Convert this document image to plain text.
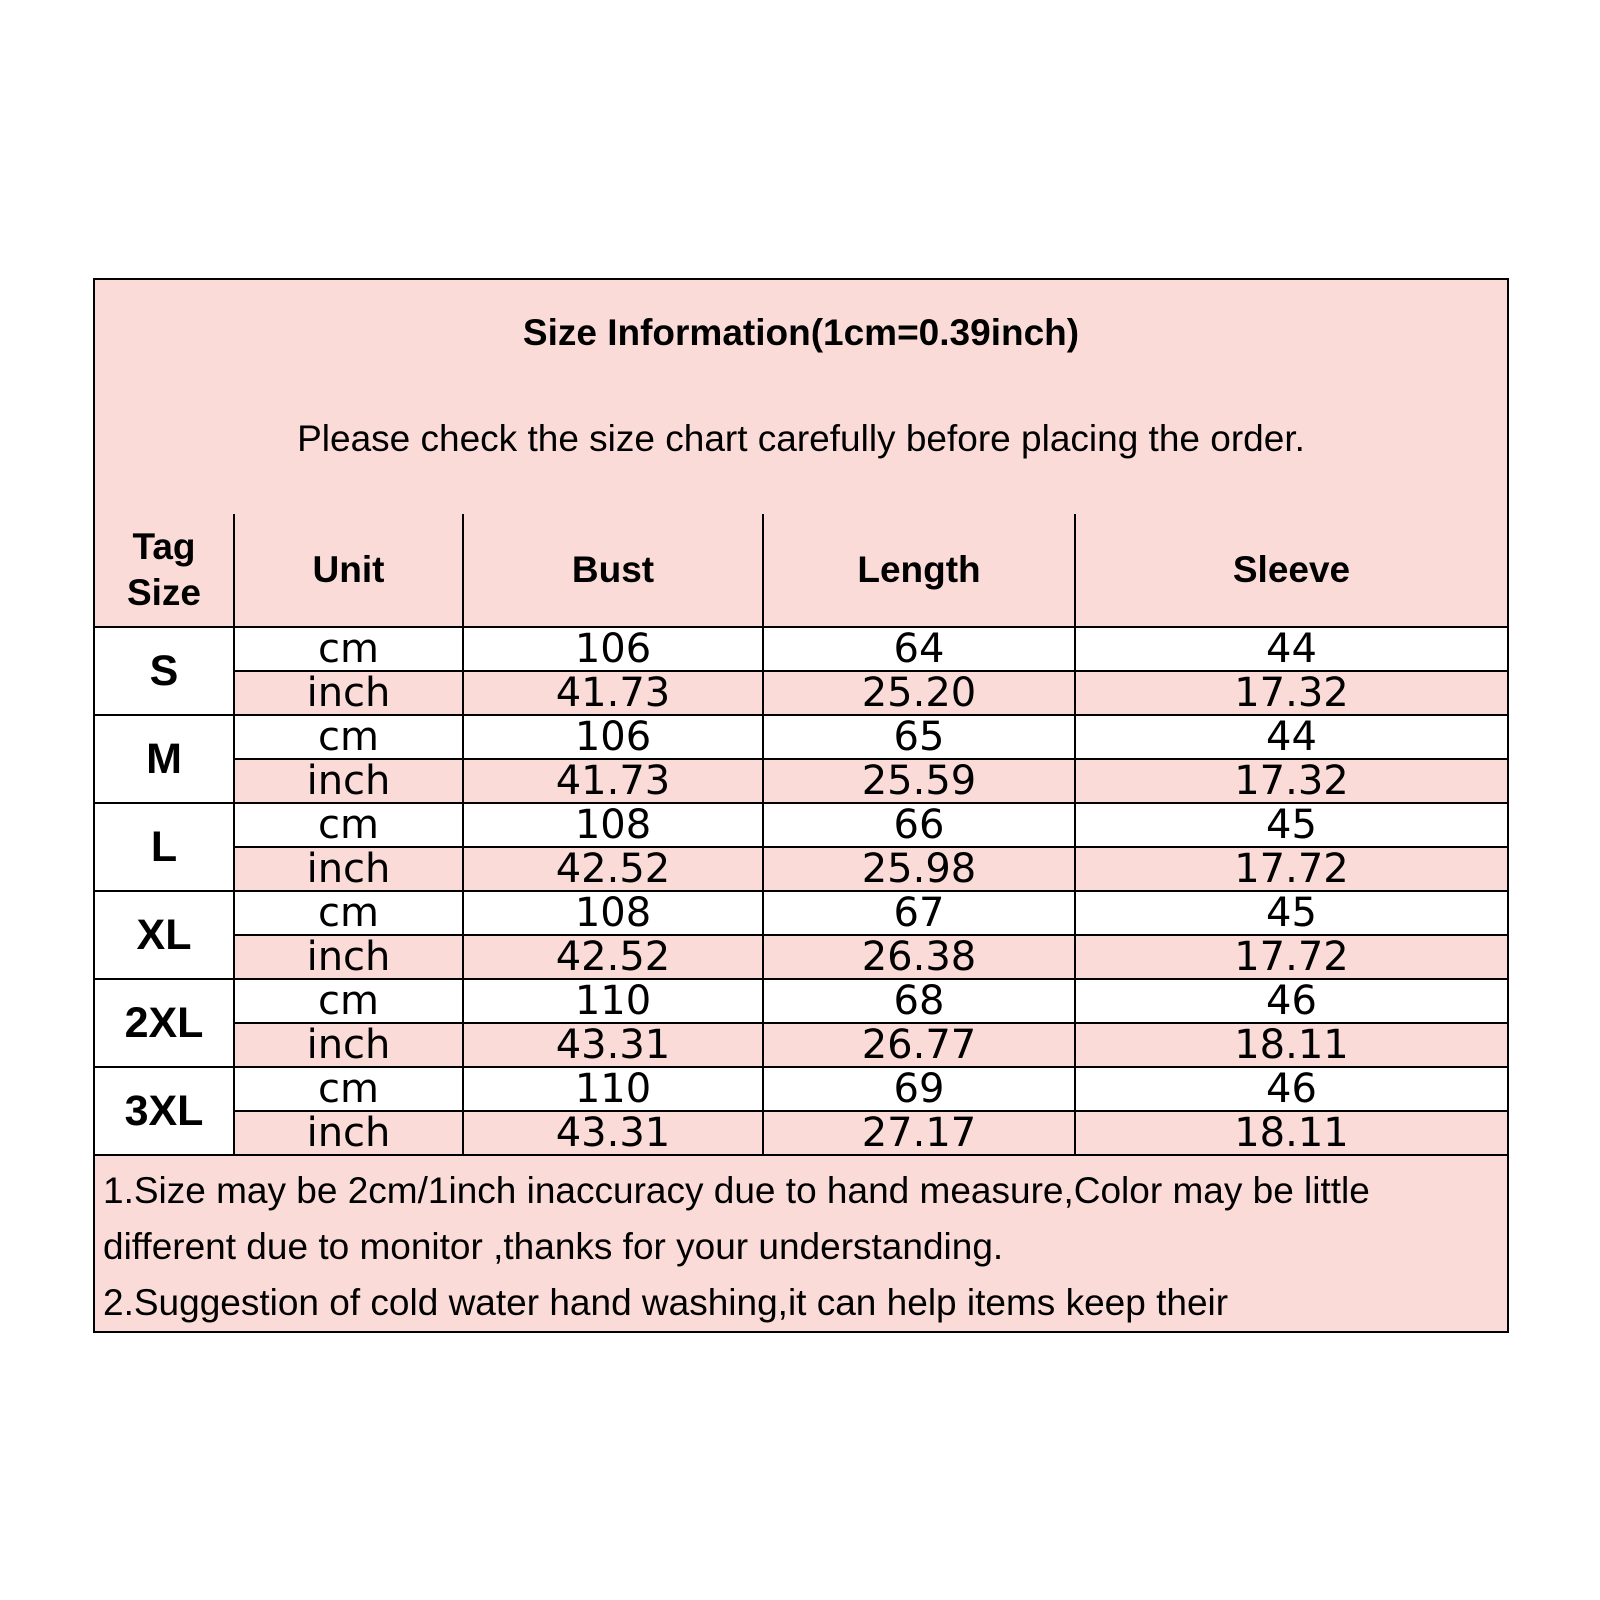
Size Information(1cm=0.39inch)
Please check the size chart carefully before placing the order.
Tag Size	Unit	Bust	Length	Sleeve
S	cm	106	64	44
	inch	41.73	25.20	17.32
M	cm	106	65	44
	inch	41.73	25.59	17.32
L	cm	108	66	45
	inch	42.52	25.98	17.72
XL	cm	108	67	45
	inch	42.52	26.38	17.72
2XL	cm	110	68	46
	inch	43.31	26.77	18.11
3XL	cm	110	69	46
	inch	43.31	27.17	18.11
1.Size may be 2cm/1inch inaccuracy due to hand measure,Color may be little different due to monitor ,thanks for your understanding.
2.Suggestion of cold water hand washing,it can help items keep their
